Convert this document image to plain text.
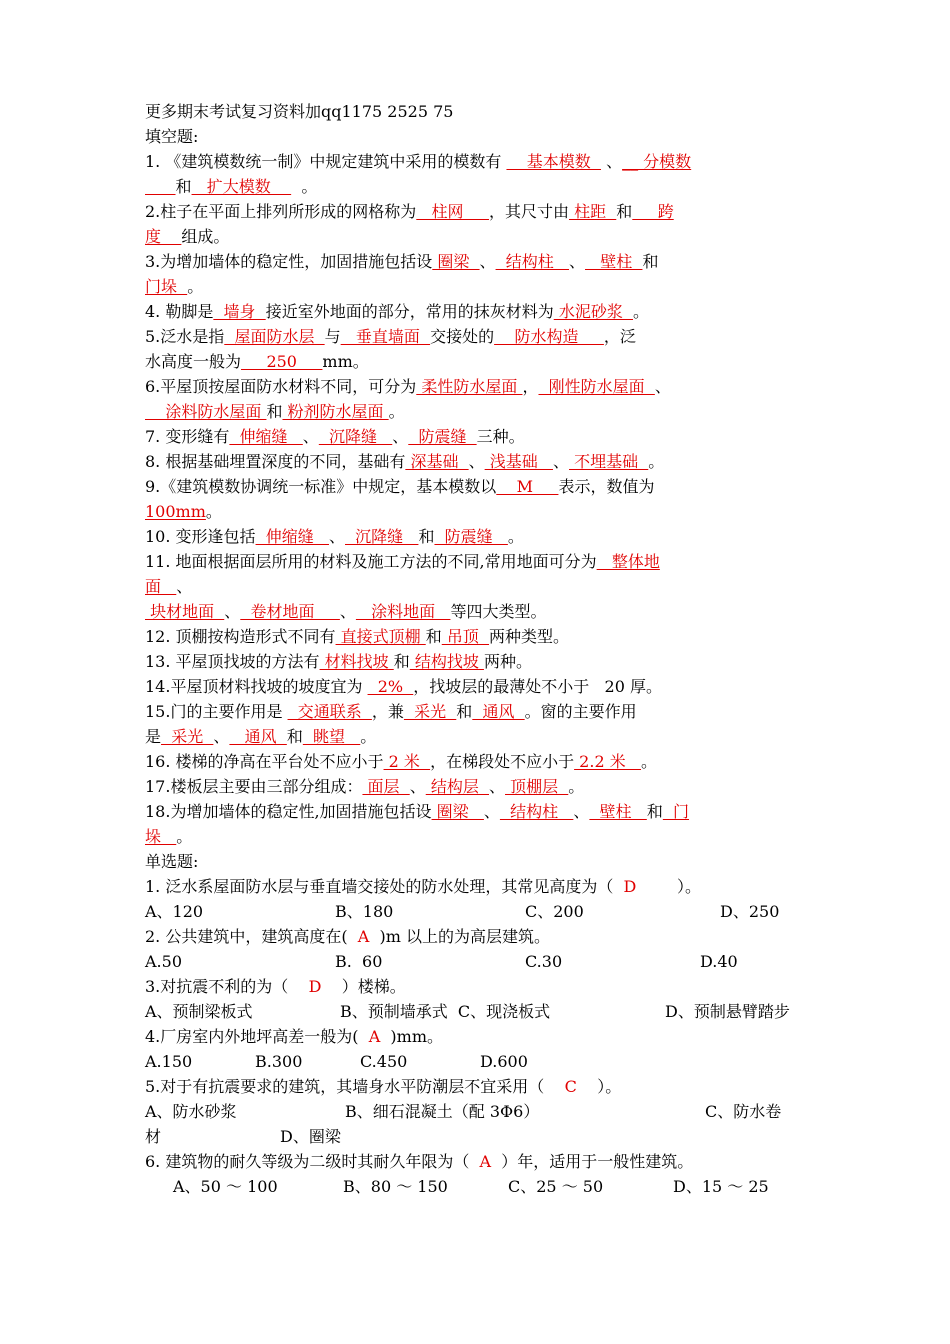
更多期末考试复习资料加qq1175 2525 75
填空题:
1. 《建筑模数统一制》中规定建筑中采用的模数有     基本模数   、__ 分模数
和   扩大模数      。
2.柱子在平面上排列所形成的网格称为   柱网     ，其尺寸由 柱距  和     跨
度    组成。
3.为增加墙体的稳定性，加固措施包括设 圈梁  、  结构柱   、   壁柱  和
门垛  。
4. 勒脚是  墙身  接近室外地面的部分，常用的抹灰材料为 水泥砂浆  。
5.泛水是指  屋面防水层  与   垂直墙面  交接处的    防水构造     ，泛
水高度一般为     250     mm。
6.平屋顶按屋面防水材料不同，可分为 柔性防水屋面 ，  刚性防水屋面  、
涂料防水屋面 和 粉剂防水屋面 。
7. 变形缝有  伸缩缝   、  沉降缝   、  防震缝  三种。
8. 根据基础埋置深度的不同，基础有 深基础  、 浅基础   、 不埋基础  。
9.《建筑模数协调统一标准》中规定，基本模数以    M     表示，数值为
100mm。
10. 变形逢包括  伸缩缝   、  沉降缝   和  防震缝   。
11. 地面根据面层所用的材料及施工方法的不同,常用地面可分为   整体地
面   、
块材地面  、  卷材地面     、   涂料地面   等四大类型。
12. 顶棚按构造形式不同有 直接式顶棚 和 吊顶  两种类型。
13. 平屋顶找坡的方法有 材料找坡 和 结构找坡 两种。
14.平屋顶材料找坡的坡度宜为   2%  ，找坡层的最薄处不小于   20 厚。
15.门的主要作用是   交通联系  ，兼  采光  和  通风  。窗的主要作用
是  采光  、   通风  和  眺望   。
16. 楼梯的净高在平台处不应小于 2 米  ，在梯段处不应小于 2.2 米   。
17.楼板层主要由三部分组成： 面层  、 结构层  、 顶棚层  。
18.为增加墙体的稳定性,加固措施包括设 圈梁   、  结构柱   、  壁柱   和  门
垛   。
单选题:
1. 泛水系屋面防水层与垂直墙交接处的防水处理，其常见高度为（  D        ）。
A、120	B、180	C、200	D、250
2. 公共建筑中，建筑高度在(  A  )m 以上的为高层建筑。
A.50	B.  60	C.30	D.40
3.对抗震不利的为（    D    ）楼梯。
A、预制梁板式	B、预制墙承式  C、现浇板式	D、预制悬臂踏步
4.厂房室内外地坪高差一般为(  A  )mm。
A.150	B.300	C.450	D.600
5.对于有抗震要求的建筑，其墙身水平防潮层不宜采用（    C    ）。
A、防水砂浆	B、细石混凝土（配 3Φ6）	C、防水卷
材	D、圈梁
6. 建筑物的耐久等级为二级时其耐久年限为（  A  ）年，适用于一般性建筑。
A、50 ～ 100	B、80 ～ 150	C、25 ～ 50	D、15 ～ 25
